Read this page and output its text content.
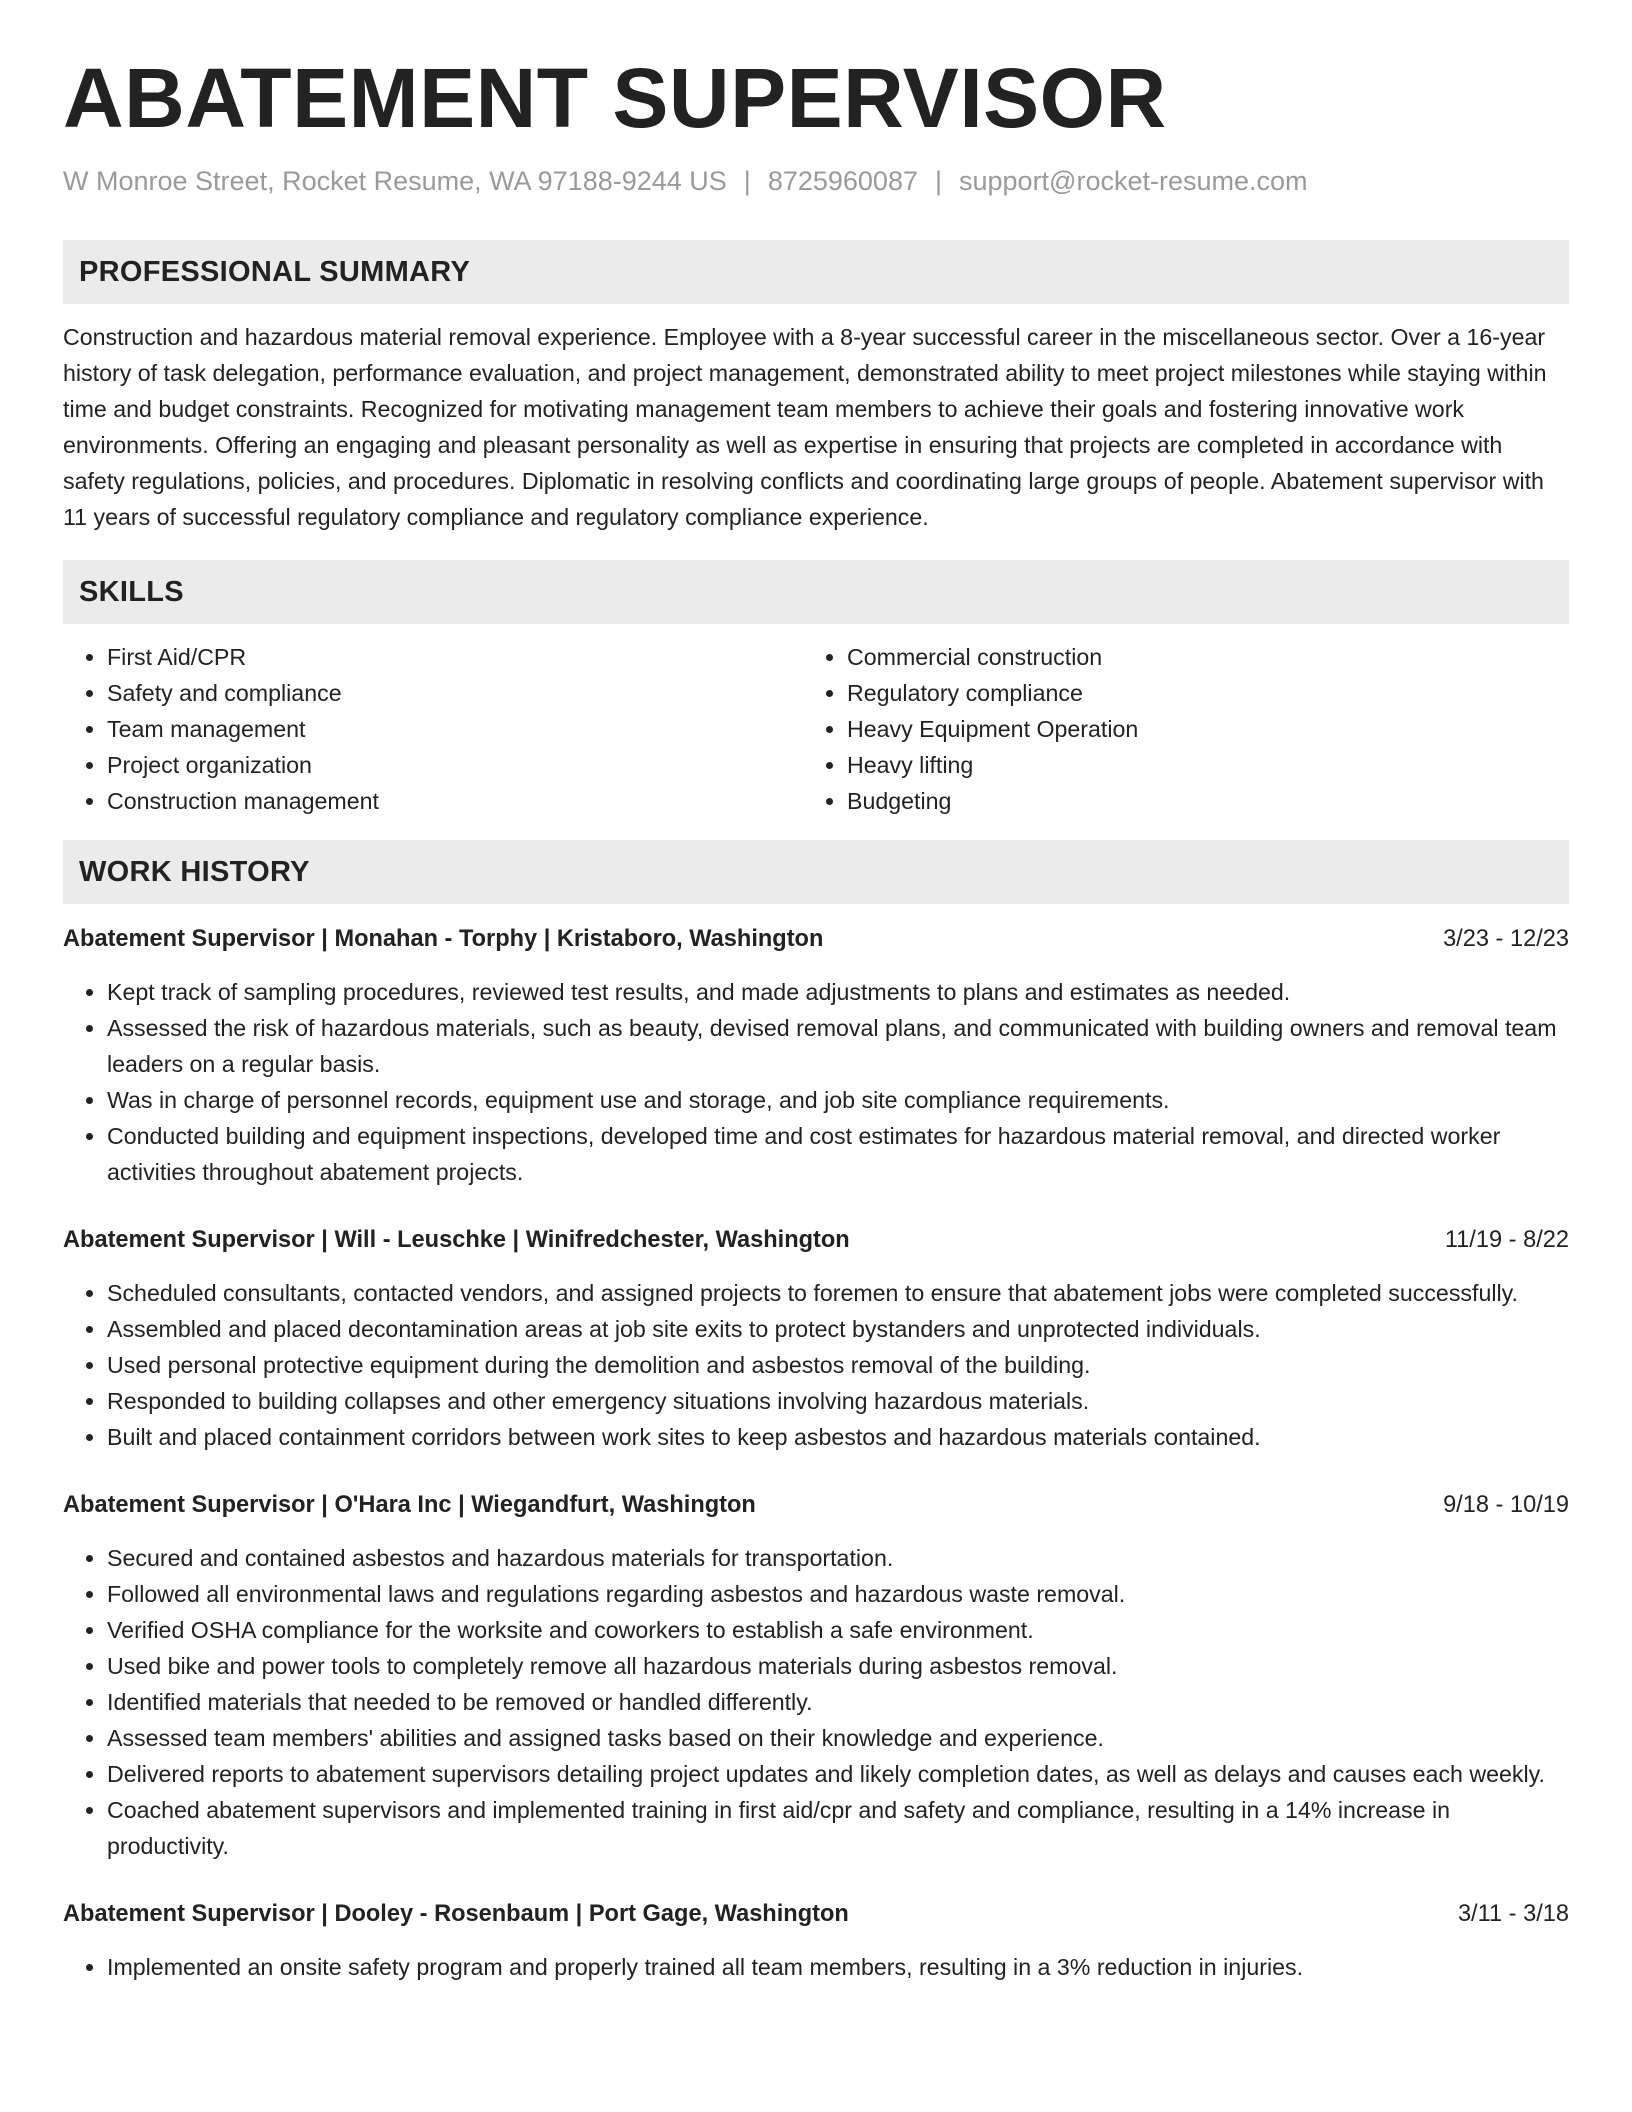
ABATEMENT SUPERVISOR
W Monroe Street, Rocket Resume, WA 97188-9244 US | 8725960087 | support@rocket-resume.com
PROFESSIONAL SUMMARY

Construction and hazardous material removal experience. Employee with a 8-year successful career in the miscellaneous sector. Over a 16-year history of task delegation, performance evaluation, and project management, demonstrated ability to meet project milestones while staying within time and budget constraints. Recognized for motivating management team members to achieve their goals and fostering innovative work environments. Offering an engaging and pleasant personality as well as expertise in ensuring that projects are completed in accordance with safety regulations, policies, and procedures. Diplomatic in resolving conflicts and coordinating large groups of people. Abatement supervisor with 11 years of successful regulatory compliance and regulatory compliance experience.

SKILLS
• First Aid/CPR
• Safety and compliance
• Team management
• Project organization
• Construction management
• Commercial construction
• Regulatory compliance
• Heavy Equipment Operation
• Heavy lifting
• Budgeting
WORK HISTORY
Abatement Supervisor | Monahan - Torphy | Kristaboro, Washington	3/23 - 12/23
• Kept track of sampling procedures, reviewed test results, and made adjustments to plans and estimates as needed.
• Assessed the risk of hazardous materials, such as beauty, devised removal plans, and communicated with building owners and removal team leaders on a regular basis.
• Was in charge of personnel records, equipment use and storage, and job site compliance requirements.
• Conducted building and equipment inspections, developed time and cost estimates for hazardous material removal, and directed worker activities throughout abatement projects.
Abatement Supervisor | Will - Leuschke | Winifredchester, Washington	11/19 - 8/22
• Scheduled consultants, contacted vendors, and assigned projects to foremen to ensure that abatement jobs were completed successfully.
• Assembled and placed decontamination areas at job site exits to protect bystanders and unprotected individuals.
• Used personal protective equipment during the demolition and asbestos removal of the building.
• Responded to building collapses and other emergency situations involving hazardous materials.
• Built and placed containment corridors between work sites to keep asbestos and hazardous materials contained.
Abatement Supervisor | O'Hara Inc | Wiegandfurt, Washington	9/18 - 10/19
• Secured and contained asbestos and hazardous materials for transportation.
• Followed all environmental laws and regulations regarding asbestos and hazardous waste removal.
• Verified OSHA compliance for the worksite and coworkers to establish a safe environment.
• Used bike and power tools to completely remove all hazardous materials during asbestos removal.
• Identified materials that needed to be removed or handled differently.
• Assessed team members' abilities and assigned tasks based on their knowledge and experience.
• Delivered reports to abatement supervisors detailing project updates and likely completion dates, as well as delays and causes each weekly.
• Coached abatement supervisors and implemented training in first aid/cpr and safety and compliance, resulting in a 14% increase in productivity.
Abatement Supervisor | Dooley - Rosenbaum | Port Gage, Washington	3/11 - 3/18
• Implemented an onsite safety program and properly trained all team members, resulting in a 3% reduction in injuries.
